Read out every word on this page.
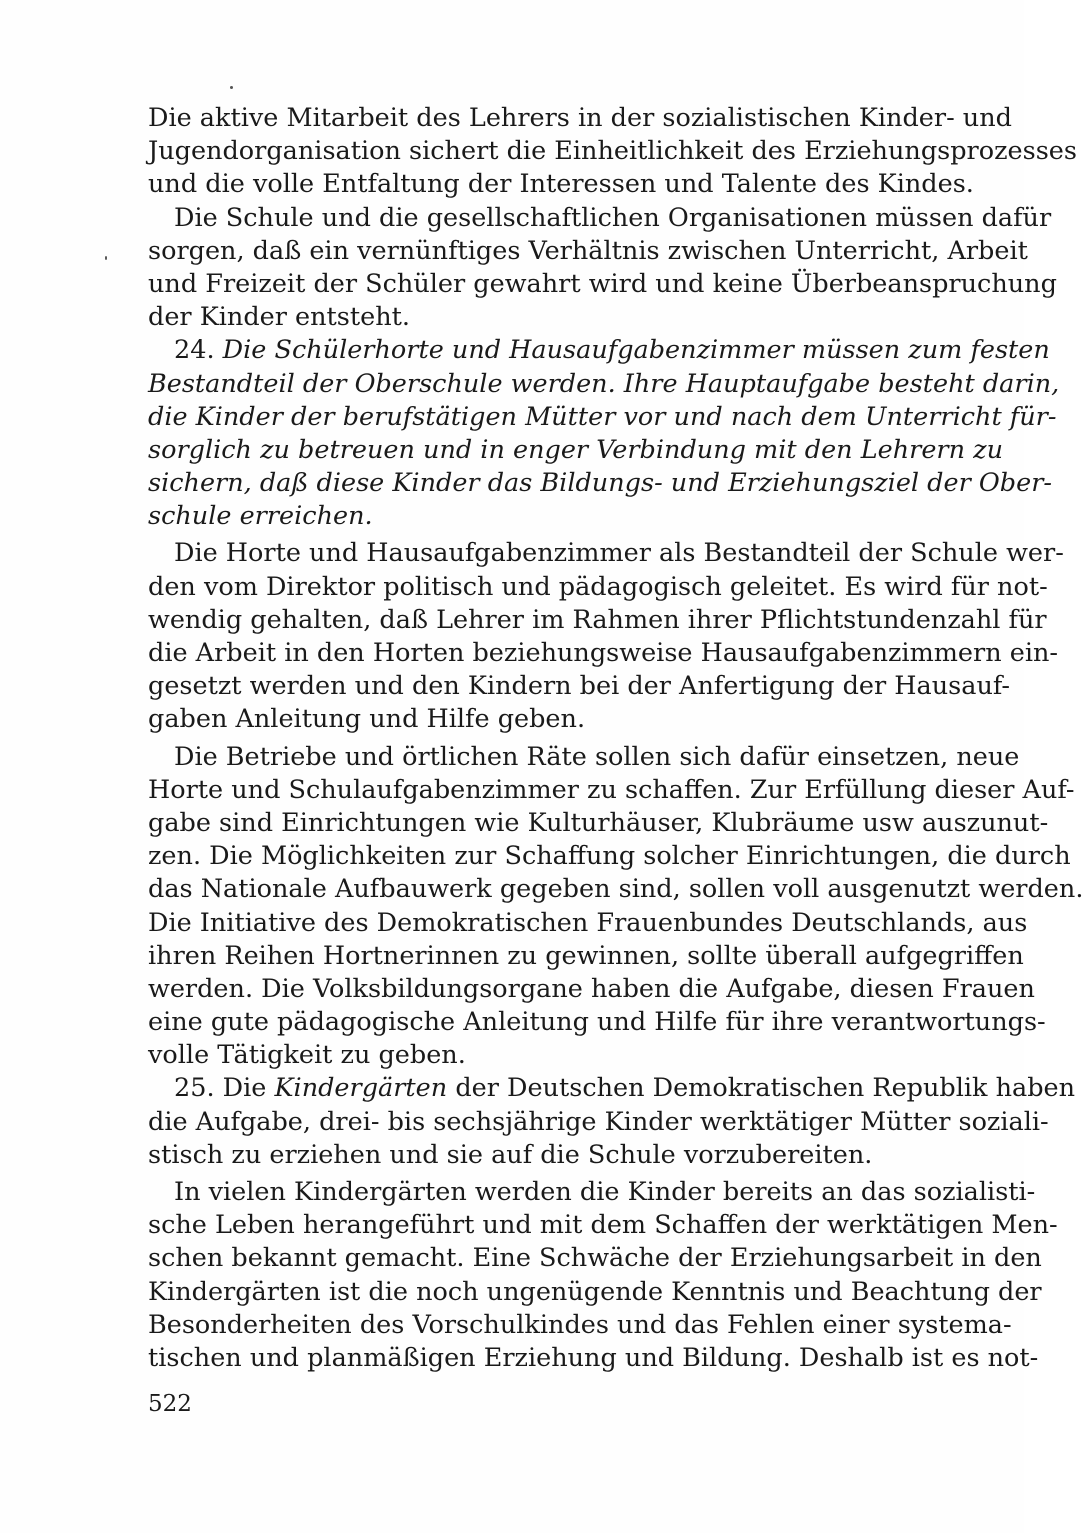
Die aktive Mitarbeit des Lehrers in der sozialistischen Kinder- und
Jugendorganisation sichert die Einheitlichkeit des Erziehungsprozesses
und die volle Entfaltung der Interessen und Talente des Kindes.
Die Schule und die gesellschaftlichen Organisationen müssen dafür
sorgen, daß ein vernünftiges Verhältnis zwischen Unterricht, Arbeit
und Freizeit der Schüler gewahrt wird und keine Überbeanspruchung
der Kinder entsteht.
24. Die Schülerhorte und Hausaufgabenzimmer müssen zum festen
Bestandteil der Oberschule werden. Ihre Hauptaufgabe besteht darin,
die Kinder der berufstätigen Mütter vor und nach dem Unterricht für-
sorglich zu betreuen und in enger Verbindung mit den Lehrern zu
sichern, daß diese Kinder das Bildungs- und Erziehungsziel der Ober-
schule erreichen.
Die Horte und Hausaufgabenzimmer als Bestandteil der Schule wer-
den vom Direktor politisch und pädagogisch geleitet. Es wird für not-
wendig gehalten, daß Lehrer im Rahmen ihrer Pflichtstundenzahl für
die Arbeit in den Horten beziehungsweise Hausaufgabenzimmern ein-
gesetzt werden und den Kindern bei der Anfertigung der Hausauf-
gaben Anleitung und Hilfe geben.
Die Betriebe und örtlichen Räte sollen sich dafür einsetzen, neue
Horte und Schulaufgabenzimmer zu schaffen. Zur Erfüllung dieser Auf-
gabe sind Einrichtungen wie Kulturhäuser, Klubräume usw auszunut-
zen. Die Möglichkeiten zur Schaffung solcher Einrichtungen, die durch
das Nationale Aufbauwerk gegeben sind, sollen voll ausgenutzt werden.
Die Initiative des Demokratischen Frauenbundes Deutschlands, aus
ihren Reihen Hortnerinnen zu gewinnen, sollte überall aufgegriffen
werden. Die Volksbildungsorgane haben die Aufgabe, diesen Frauen
eine gute pädagogische Anleitung und Hilfe für ihre verantwortungs-
volle Tätigkeit zu geben.
25. Die Kindergärten der Deutschen Demokratischen Republik haben
die Aufgabe, drei- bis sechsjährige Kinder werktätiger Mütter soziali-
stisch zu erziehen und sie auf die Schule vorzubereiten.
In vielen Kindergärten werden die Kinder bereits an das sozialisti-
sche Leben herangeführt und mit dem Schaffen der werktätigen Men-
schen bekannt gemacht. Eine Schwäche der Erziehungsarbeit in den
Kindergärten ist die noch ungenügende Kenntnis und Beachtung der
Besonderheiten des Vorschulkindes und das Fehlen einer systema-
tischen und planmäßigen Erziehung und Bildung. Deshalb ist es not-
522
